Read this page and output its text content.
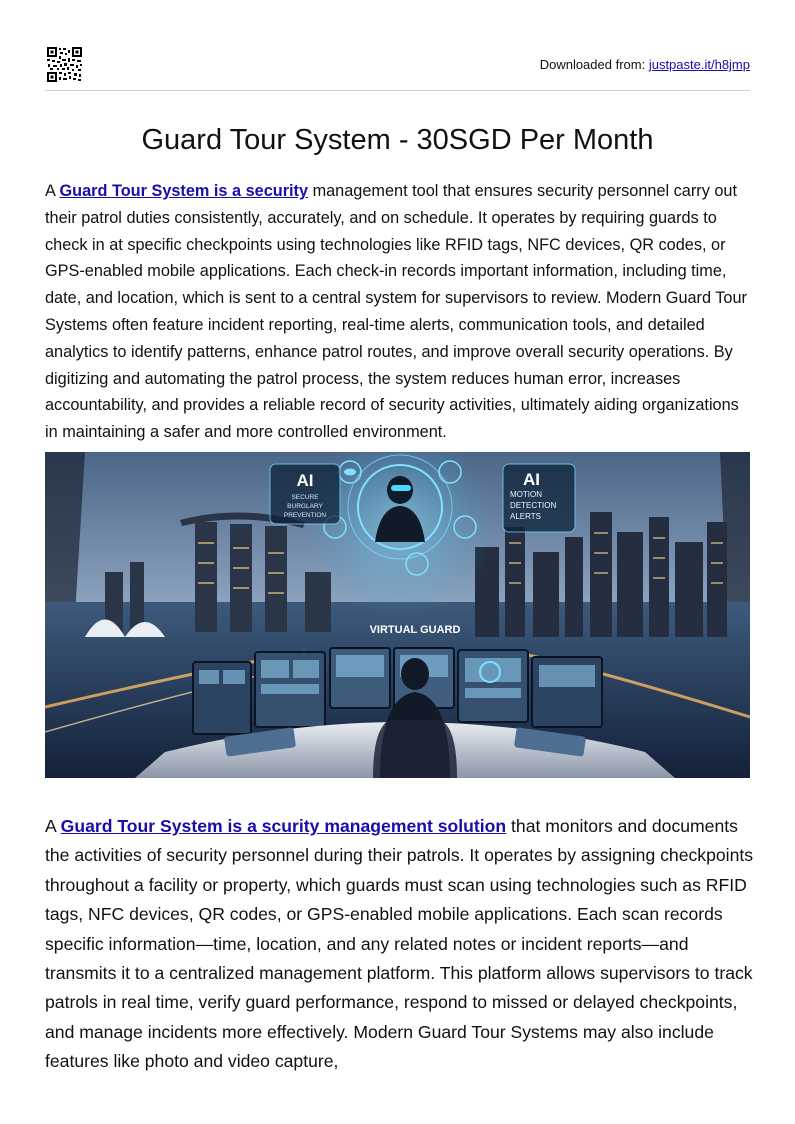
Downloaded from: justpaste.it/h8jmp
Guard Tour System - 30SGD Per Month

A Guard Tour System is a security management tool that ensures security personnel carry out their patrol duties consistently, accurately, and on schedule. It operates by requiring guards to check in at specific checkpoints using technologies like RFID tags, NFC devices, QR codes, or GPS-enabled mobile applications. Each check-in records important information, including time, date, and location, which is sent to a central system for supervisors to review. Modern Guard Tour Systems often feature incident reporting, real-time alerts, communication tools, and detailed analytics to identify patterns, enhance patrol routes, and improve overall security operations. By digitizing and automating the patrol process, the system reduces human error, increases accountability, and provides a reliable record of security activities, ultimately aiding organizations in maintaining a safer and more controlled environment.

AI
SECURE
BURGLARY
PREVENTION
AI
MOTION
DETECTION
ALERTS
VIRTUAL GUARD

A Guard Tour System is a scurity management solution that monitors and documents the activities of security personnel during their patrols. It operates by assigning checkpoints throughout a facility or property, which guards must scan using technologies such as RFID tags, NFC devices, QR codes, or GPS-enabled mobile applications. Each scan records specific information—time, location, and any related notes or incident reports—and transmits it to a centralized management platform. This platform allows supervisors to track patrols in real time, verify guard performance, respond to missed or delayed checkpoints, and manage incidents more effectively. Modern Guard Tour Systems may also include features like photo and video capture,
